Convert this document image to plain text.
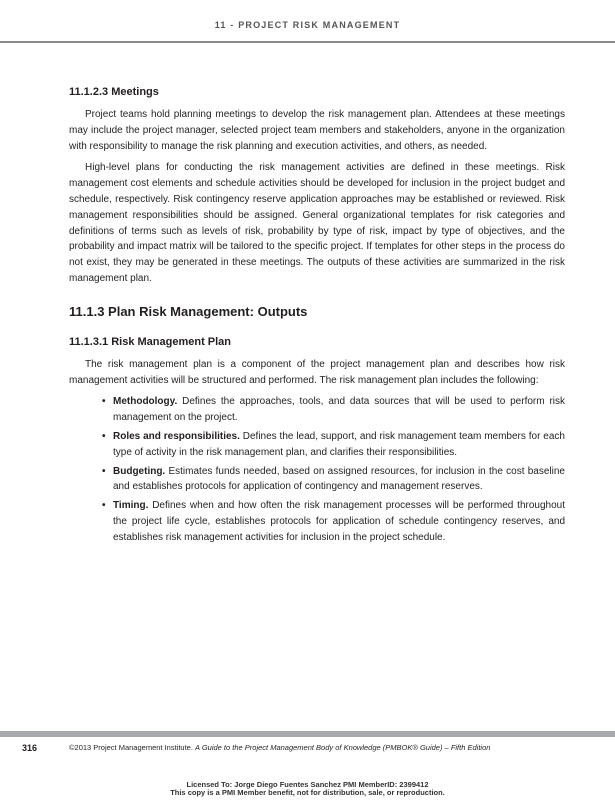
11 - PROJECT RISK MANAGEMENT
11.1.2.3 Meetings

Project teams hold planning meetings to develop the risk management plan. Attendees at these meetings may include the project manager, selected project team members and stakeholders, anyone in the organization with responsibility to manage the risk planning and execution activities, and others, as needed.

High-level plans for conducting the risk management activities are defined in these meetings. Risk management cost elements and schedule activities should be developed for inclusion in the project budget and schedule, respectively. Risk contingency reserve application approaches may be established or reviewed. Risk management responsibilities should be assigned. General organizational templates for risk categories and definitions of terms such as levels of risk, probability by type of risk, impact by type of objectives, and the probability and impact matrix will be tailored to the specific project. If templates for other steps in the process do not exist, they may be generated in these meetings. The outputs of these activities are summarized in the risk management plan.

11.1.3 Plan Risk Management: Outputs
11.1.3.1 Risk Management Plan

The risk management plan is a component of the project management plan and describes how risk management activities will be structured and performed. The risk management plan includes the following:

• Methodology. Defines the approaches, tools, and data sources that will be used to perform risk management on the project.
• Roles and responsibilities. Defines the lead, support, and risk management team members for each type of activity in the risk management plan, and clarifies their responsibilities.
• Budgeting. Estimates funds needed, based on assigned resources, for inclusion in the cost baseline and establishes protocols for application of contingency and management reserves.
• Timing. Defines when and how often the risk management processes will be performed throughout the project life cycle, establishes protocols for application of schedule contingency reserves, and establishes risk management activities for inclusion in the project schedule.
316	©2013 Project Management Institute. A Guide to the Project Management Body of Knowledge (PMBOK® Guide) – Fifth Edition
Licensed To: Jorge Diego Fuentes Sanchez PMI MemberID: 2399412
This copy is a PMI Member benefit, not for distribution, sale, or reproduction.
